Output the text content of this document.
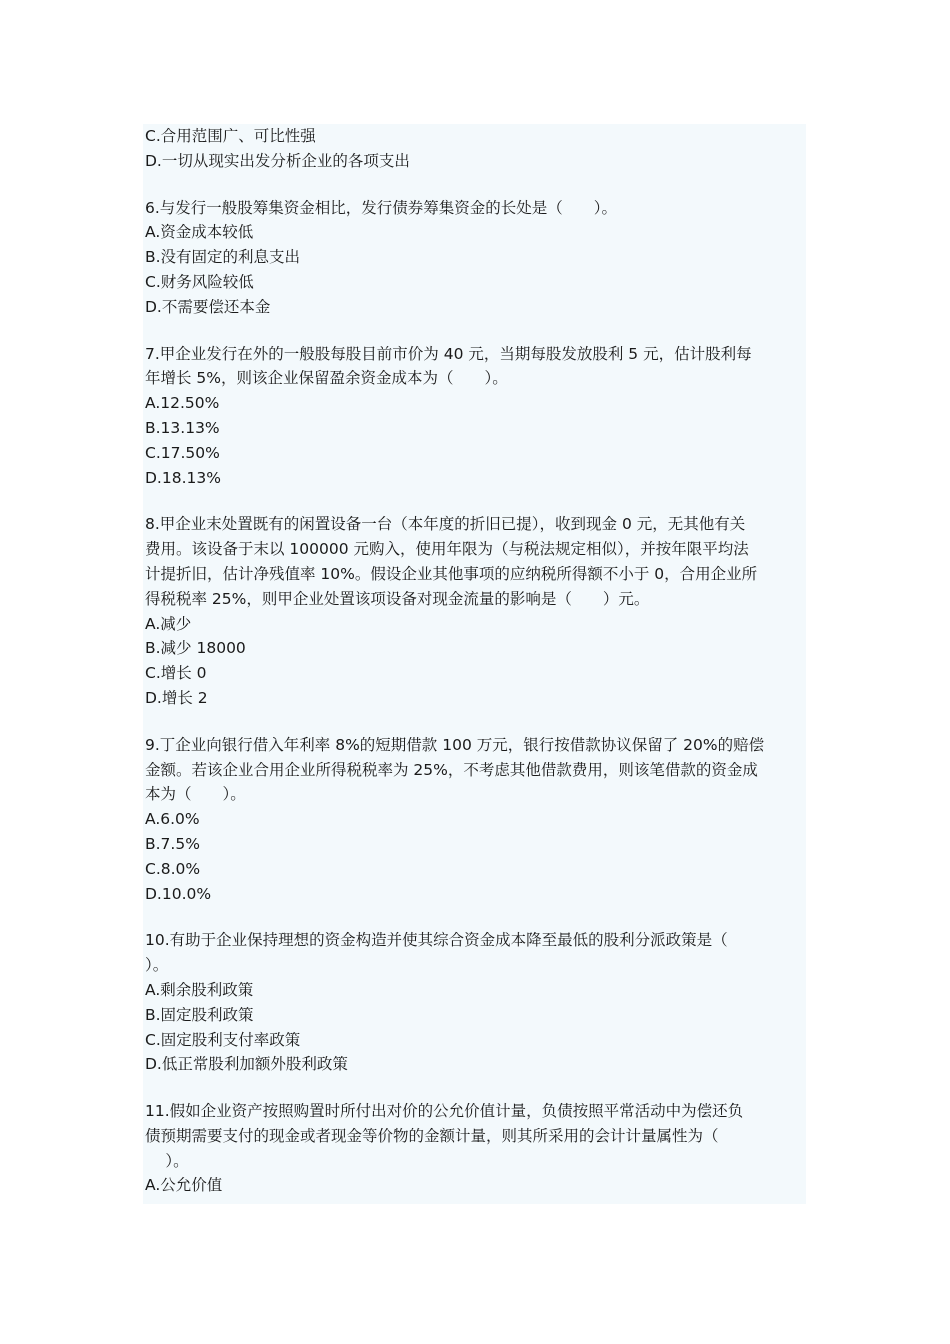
C.合用范围广、可比性强
D.一切从现实出发分析企业的各项支出
6.与发行一般股筹集资金相比，发行债券筹集资金的长处是（　　）。
A.资金成本较低
B.没有固定的利息支出
C.财务风险较低
D.不需要偿还本金
7.甲企业发行在外的一般股每股目前市价为 40 元，当期每股发放股利 5 元，估计股利每
年增长 5%，则该企业保留盈余资金成本为（　　）。
A.12.50%
B.13.13%
C.17.50%
D.18.13%
8.甲企业末处置既有的闲置设备一台（本年度的折旧已提），收到现金 0 元，无其他有关
费用。该设备于末以 100000 元购入，使用年限为（与税法规定相似），并按年限平均法
计提折旧，估计净残值率 10%。假设企业其他事项的应纳税所得额不小于 0，合用企业所
得税税率 25%，则甲企业处置该项设备对现金流量的影响是（　　）元。
A.减少
B.减少 18000
C.增长 0
D.增长 2
9.丁企业向银行借入年利率 8%的短期借款 100 万元，银行按借款协议保留了 20%的赔偿
金额。若该企业合用企业所得税税率为 25%，不考虑其他借款费用，则该笔借款的资金成
本为（　　）。
A.6.0%
B.7.5%
C.8.0%
D.10.0%
10.有助于企业保持理想的资金构造并使其综合资金成本降至最低的股利分派政策是（
）。
A.剩余股利政策
B.固定股利政策
C.固定股利支付率政策
D.低正常股利加额外股利政策
11.假如企业资产按照购置时所付出对价的公允价值计量，负债按照平常活动中为偿还负
债预期需要支付的现金或者现金等价物的金额计量，则其所采用的会计计量属性为（
　 ）。
A.公允价值
